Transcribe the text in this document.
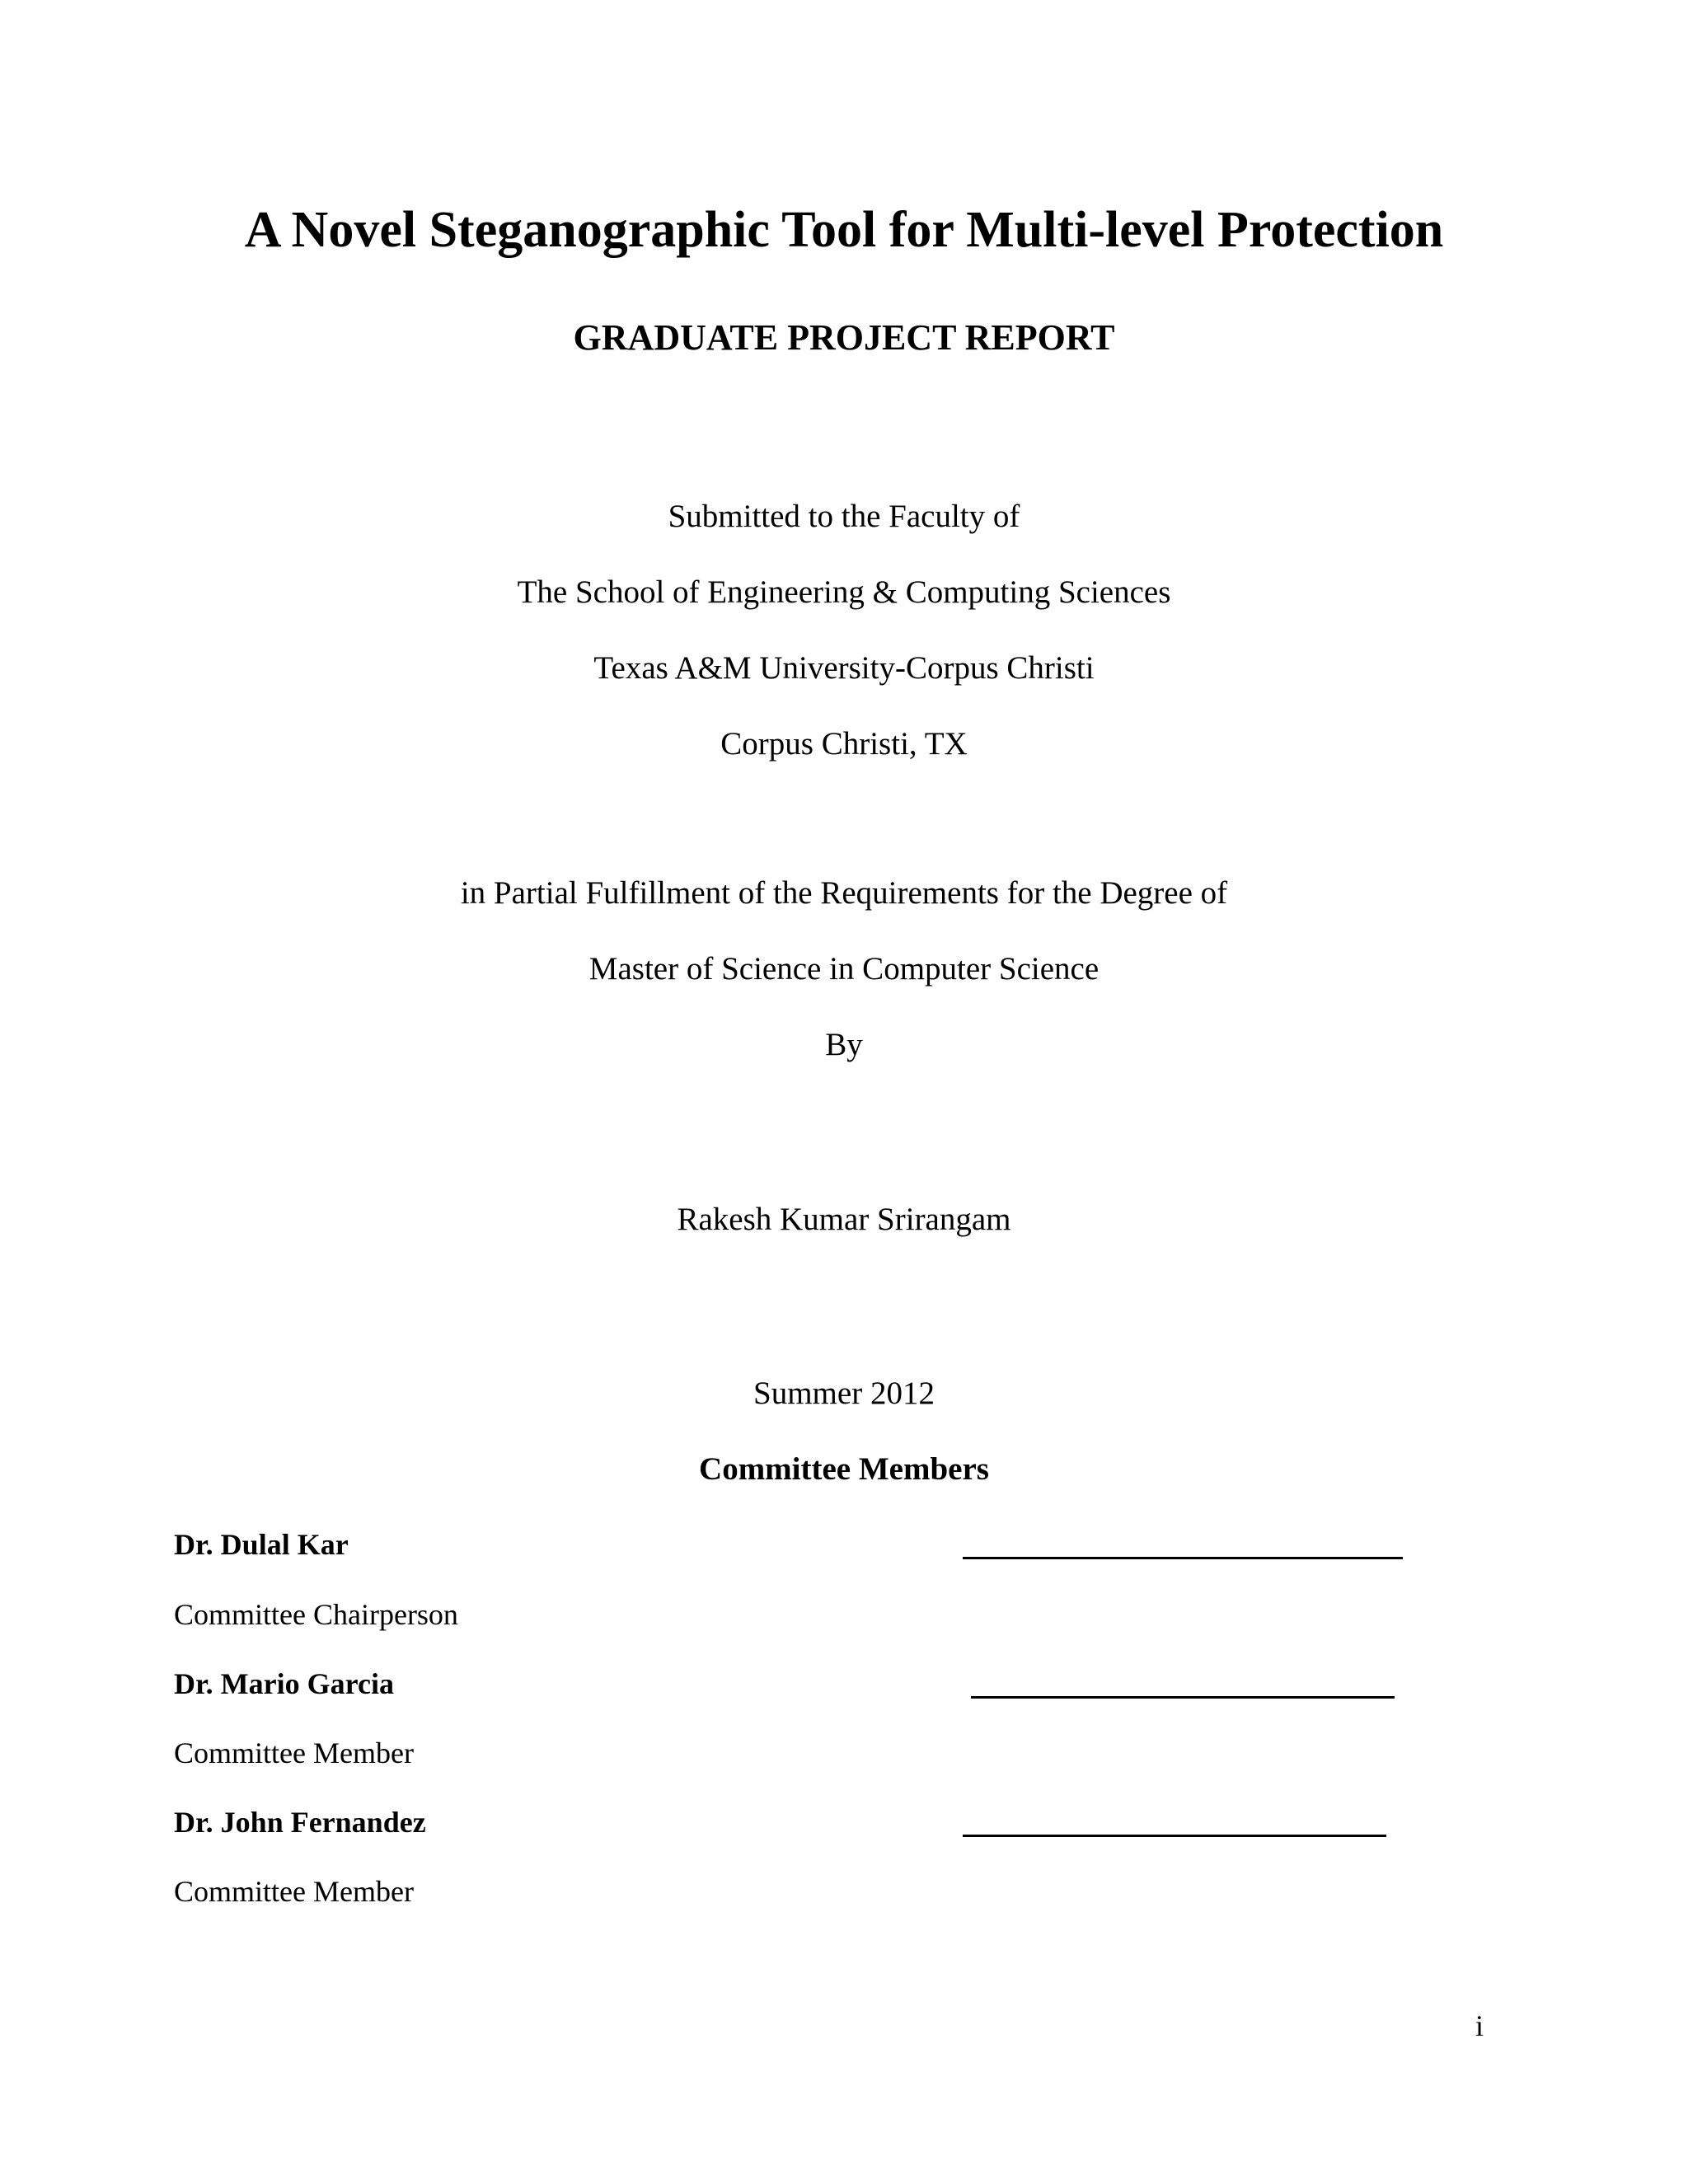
A Novel Steganographic Tool for Multi-level Protection
GRADUATE PROJECT REPORT
Submitted to the Faculty of
The School of Engineering & Computing Sciences
Texas A&M University-Corpus Christi
Corpus Christi, TX
in Partial Fulfillment of the Requirements for the Degree of
Master of Science in Computer Science
By
Rakesh Kumar Srirangam
Summer 2012
Committee Members
Dr. Dulal Kar
Committee Chairperson
Dr. Mario Garcia
Committee Member
Dr. John Fernandez
Committee Member
i
